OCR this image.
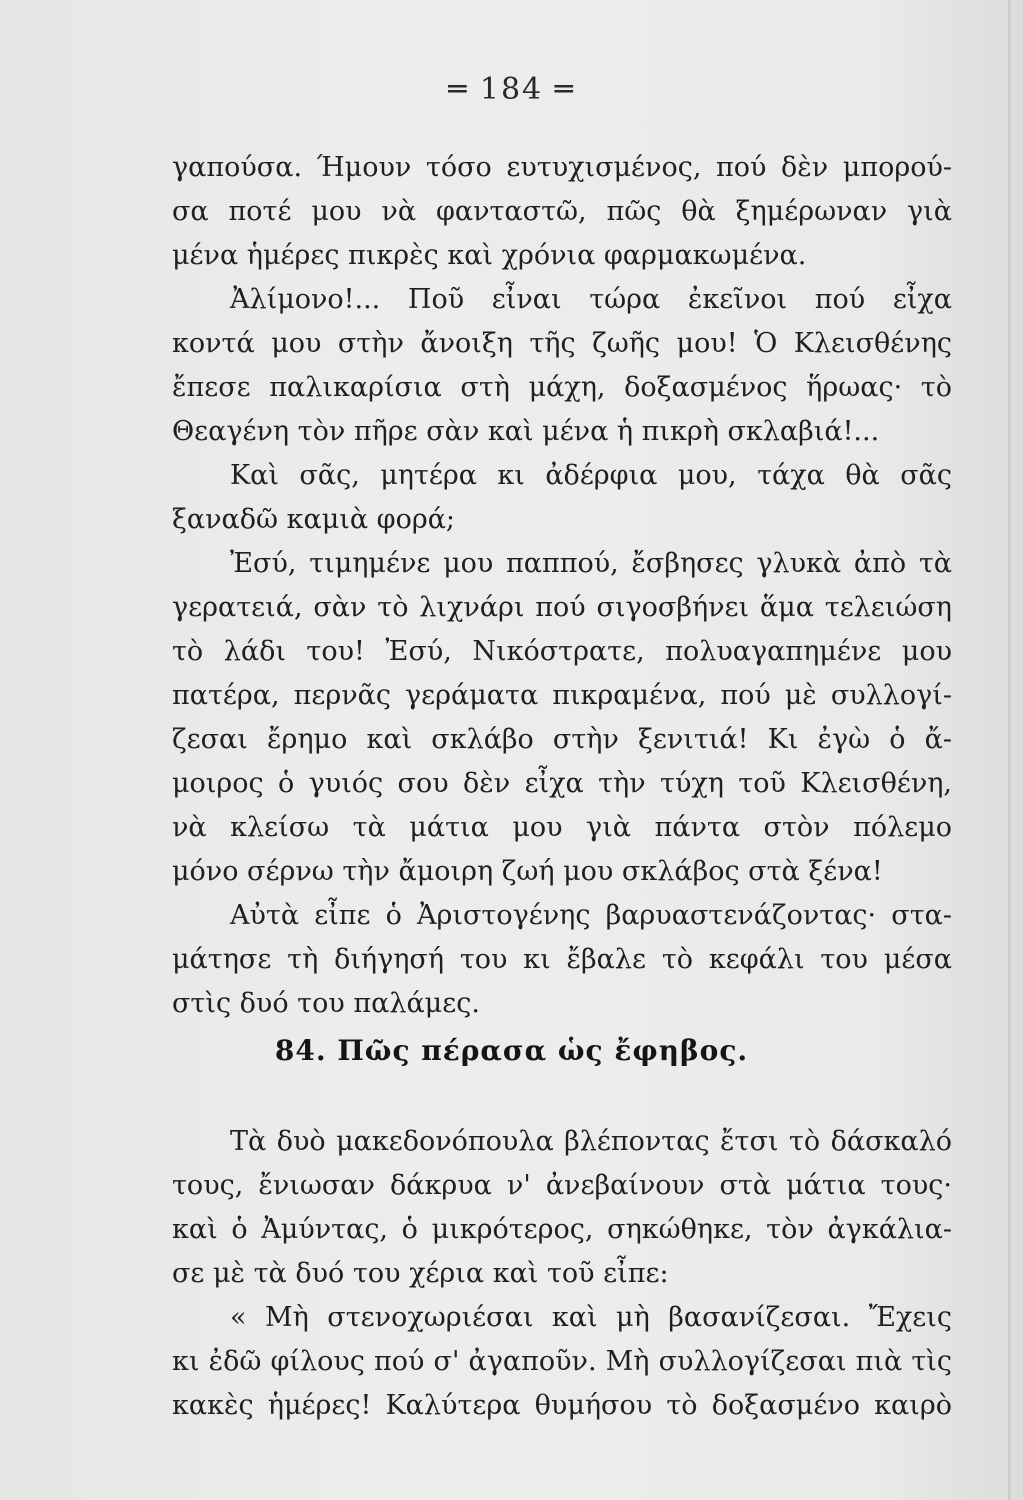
═ 184 ═
γαπούσα. Ήμουν τόσο ευτυχισμένος, πού δὲν μπορού-
σα ποτέ μου νὰ φανταστῶ, πῶς θὰ ξημέρωναν γιὰ
μένα ἡμέρες πικρὲς καὶ χρόνια φαρμακωμένα.
Ἀλίμονο!... Ποῦ εἶναι τώρα ἐκεῖνοι πού εἶχα
κοντά μου στὴν ἄνοιξη τῆς ζωῆς μου! Ὁ Κλεισθένης
ἔπεσε παλικαρίσια στὴ μάχη, δοξασμένος ἥρωας· τὸ
Θεαγένη τὸν πῆρε σὰν καὶ μένα ἡ πικρὴ σκλαβιά!...
Καὶ σᾶς, μητέρα κι ἀδέρφια μου, τάχα θὰ σᾶς
ξαναδῶ καμιὰ φορά;
Ἐσύ, τιμημένε μου παππού, ἔσβησες γλυκὰ ἀπὸ τὰ
γερατειά, σὰν τὸ λιχνάρι πού σιγοσβήνει ἅμα τελειώση
τὸ λάδι του! Ἐσύ, Νικόστρατε, πολυαγαπημένε μου
πατέρα, περνᾶς γεράματα πικραμένα, πού μὲ συλλογί-
ζεσαι ἔρημο καὶ σκλάβο στὴν ξενιτιά! Κι ἐγὼ ὁ ἄ-
μοιρος ὁ γυιός σου δὲν εἶχα τὴν τύχη τοῦ Κλεισθένη,
νὰ κλείσω τὰ μάτια μου γιὰ πάντα στὸν πόλεμο
μόνο σέρνω τὴν ἄμοιρη ζωή μου σκλάβος στὰ ξένα!
Αὐτὰ εἶπε ὁ Ἀριστογένης βαρυαστενάζοντας· στα-
μάτησε τὴ διήγησή του κι ἔβαλε τὸ κεφάλι του μέσα
στὶς δυό του παλάμες.
84. Πῶς πέρασα ὡς ἔφηβος.
Τὰ δυὸ μακεδονόπουλα βλέποντας ἔτσι τὸ δάσκαλό
τους, ἔνιωσαν δάκρυα ν' ἀνεβαίνουν στὰ μάτια τους·
καὶ ὁ Ἀμύντας, ὁ μικρότερος, σηκώθηκε, τὸν ἀγκάλια-
σε μὲ τὰ δυό του χέρια καὶ τοῦ εἶπε:
« Μὴ στενοχωριέσαι καὶ μὴ βασανίζεσαι. Ἔχεις
κι ἐδῶ φίλους πού σ' ἀγαποῦν. Μὴ συλλογίζεσαι πιὰ τὶς
κακὲς ἡμέρες! Καλύτερα θυμήσου τὸ δοξασμένο καιρὸ
